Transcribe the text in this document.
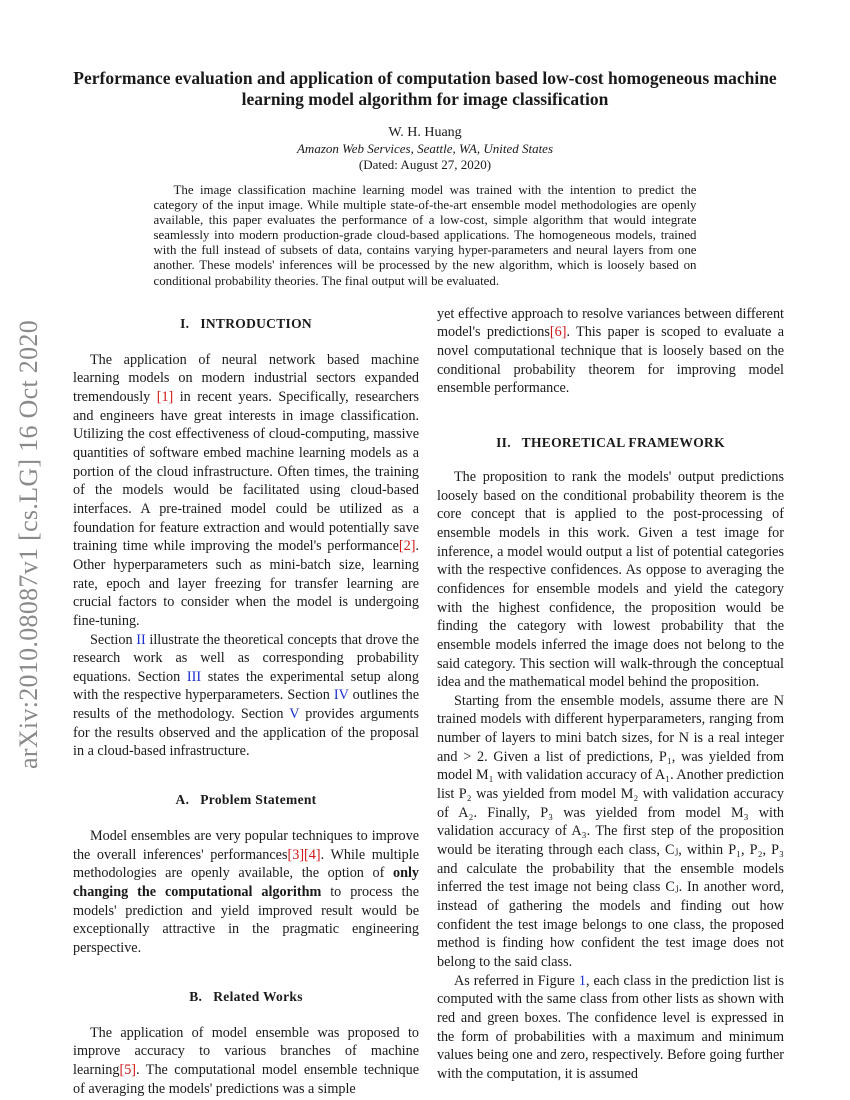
arXiv:2010.08087v1 [cs.LG] 16 Oct 2020
Performance evaluation and application of computation based low-cost homogeneous machine learning model algorithm for image classification
W. H. Huang
Amazon Web Services, Seattle, WA, United States
(Dated: August 27, 2020)
The image classification machine learning model was trained with the intention to predict the category of the input image. While multiple state-of-the-art ensemble model methodologies are openly available, this paper evaluates the performance of a low-cost, simple algorithm that would integrate seamlessly into modern production-grade cloud-based applications. The homogeneous models, trained with the full instead of subsets of data, contains varying hyper-parameters and neural layers from one another. These models' inferences will be processed by the new algorithm, which is loosely based on conditional probability theories. The final output will be evaluated.
I.   INTRODUCTION

The application of neural network based machine learning models on modern industrial sectors expanded tremendously [1] in recent years. Specifically, researchers and engineers have great interests in image classification. Utilizing the cost effectiveness of cloud-computing, massive quantities of software embed machine learning models as a portion of the cloud infrastructure. Often times, the training of the models would be facilitated using cloud-based interfaces. A pre-trained model could be utilized as a foundation for feature extraction and would potentially save training time while improving the model's performance[2]. Other hyperparameters such as mini-batch size, learning rate, epoch and layer freezing for transfer learning are crucial factors to consider when the model is undergoing fine-tuning.

Section II illustrate the theoretical concepts that drove the research work as well as corresponding probability equations. Section III states the experimental setup along with the respective hyperparameters. Section IV outlines the results of the methodology. Section V provides arguments for the results observed and the application of the proposal in a cloud-based infrastructure.

A.   Problem Statement

Model ensembles are very popular techniques to improve the overall inferences' performances[3][4]. While multiple methodologies are openly available, the option of only changing the computational algorithm to process the models' prediction and yield improved result would be exceptionally attractive in the pragmatic engineering perspective.

B.   Related Works

The application of model ensemble was proposed to improve accuracy to various branches of machine learning[5]. The computational model ensemble technique of averaging the models' predictions was a simple

yet effective approach to resolve variances between different model's predictions[6]. This paper is scoped to evaluate a novel computational technique that is loosely based on the conditional probability theorem for improving model ensemble performance.

II.   THEORETICAL FRAMEWORK

The proposition to rank the models' output predictions loosely based on the conditional probability theorem is the core concept that is applied to the post-processing of ensemble models in this work. Given a test image for inference, a model would output a list of potential categories with the respective confidences. As oppose to averaging the confidences for ensemble models and yield the category with the highest confidence, the proposition would be finding the category with lowest probability that the ensemble models inferred the image does not belong to the said category. This section will walk-through the conceptual idea and the mathematical model behind the proposition.

Starting from the ensemble models, assume there are N trained models with different hyperparameters, ranging from number of layers to mini batch sizes, for N is a real integer and > 2. Given a list of predictions, P₁, was yielded from model M₁ with validation accuracy of A₁. Another prediction list P₂ was yielded from model M₂ with validation accuracy of A₂. Finally, P₃ was yielded from model M₃ with validation accuracy of A₃. The first step of the proposition would be iterating through each class, Cⱼ, within P₁, P₂, P₃ and calculate the probability that the ensemble models inferred the test image not being class Cⱼ. In another word, instead of gathering the models and finding out how confident the test image belongs to one class, the proposed method is finding how confident the test image does not belong to the said class.

As referred in Figure 1, each class in the prediction list is computed with the same class from other lists as shown with red and green boxes. The confidence level is expressed in the form of probabilities with a maximum and minimum values being one and zero, respectively. Before going further with the computation, it is assumed
